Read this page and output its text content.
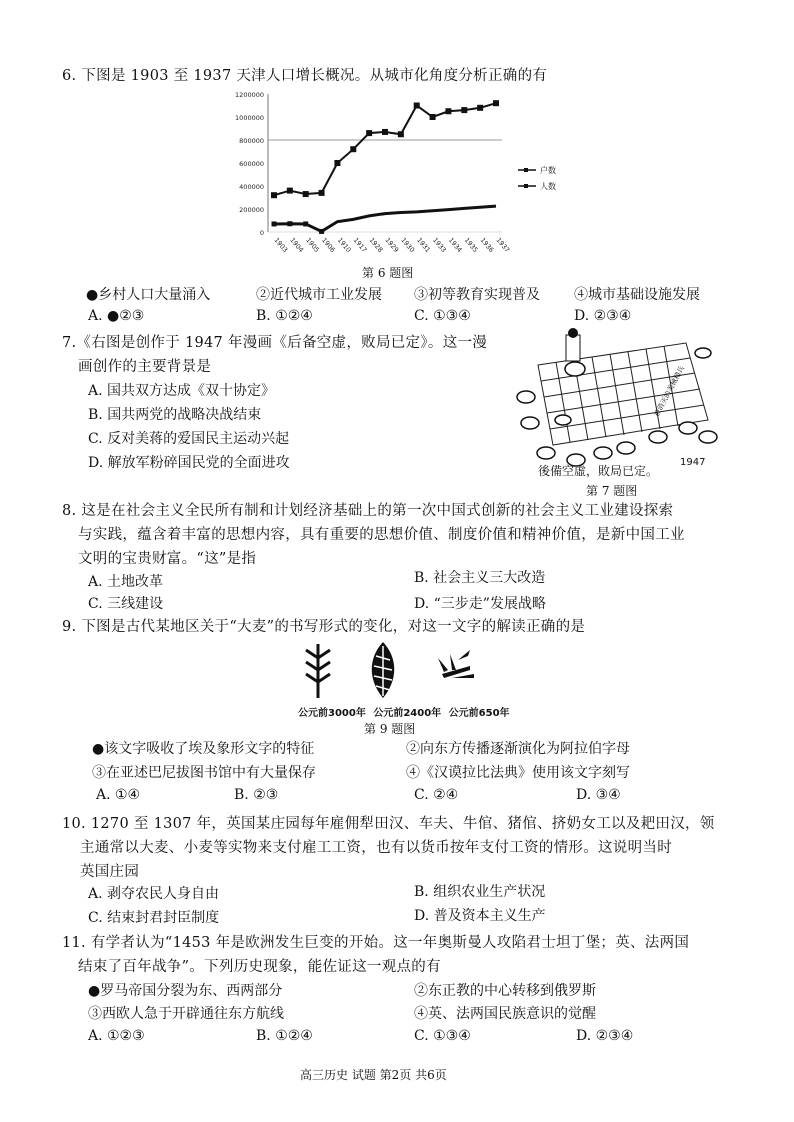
6. 下图是 1903 至 1937 天津人口增长概况。从城市化角度分析正确的有
0
200000
400000
600000
800000
1000000
1200000
1903 1904 1905 1906 1910 1917 1928 1929 1930 1931 1933 1934 1935 1936 1937
户数
人数
第 6 题图
●乡村人口大量涌入	②近代城市工业发展 ③初等教育实现普及 ④城市基础设施发展
A. ●②③	B. ①②④	C. ①③④	D. ②③④
7.《右图是创作于 1947 年漫画《后备空虚，败局已定》。这一漫
画创作的主要背景是
A. 国共双方达成《双十协定》
B. 国共两党的战略决战结束
C. 反对美蒋的爱国民主运动兴起
D. 解放军粉碎国民党的全面进攻	後備空虛，敗局已定。
1947
被消灭的美械精兵
第 7 题图
8. 这是在社会主义全民所有制和计划经济基础上的第一次中国式创新的社会主义工业建设探索
与实践，蕴含着丰富的思想内容，具有重要的思想价值、制度价值和精神价值，是新中国工业
文明的宝贵财富。“这”是指
A. 土地改革	B. 社会主义三大改造
C. 三线建设	D. “三步走”发展战略
9. 下图是古代某地区关于“大麦”的书写形式的变化，对这一文字的解读正确的是
公元前3000年 公元前2400年 公元前650年
第 9 题图
●该文字吸收了埃及象形文字的特征	②向东方传播逐渐演化为阿拉伯字母
③在亚述巴尼拔图书馆中有大量保存	④《汉谟拉比法典》使用该文字刻写
A. ①④	B. ②③	C. ②④	D. ③④
10. 1270 至 1307 年，英国某庄园每年雇佣犁田汉、车夫、牛倌、猪倌、挤奶女工以及耙田汉，领
主通常以大麦、小麦等实物来支付雇工工资，也有以货币按年支付工资的情形。这说明当时
英国庄园
A. 剥夺农民人身自由	B. 组织农业生产状况
C. 结束封君封臣制度	D. 普及资本主义生产
11. 有学者认为“1453 年是欧洲发生巨变的开始。这一年奥斯曼人攻陷君士坦丁堡；英、法两国
结束了百年战争”。下列历史现象，能佐证这一观点的有
●罗马帝国分裂为东、西两部分	②东正教的中心转移到俄罗斯
③西欧人急于开辟通往东方航线	④英、法两国民族意识的觉醒
A. ①②③	B. ①②④	C. ①③④	D. ②③④
高三历史 试题 第2页 共6页
